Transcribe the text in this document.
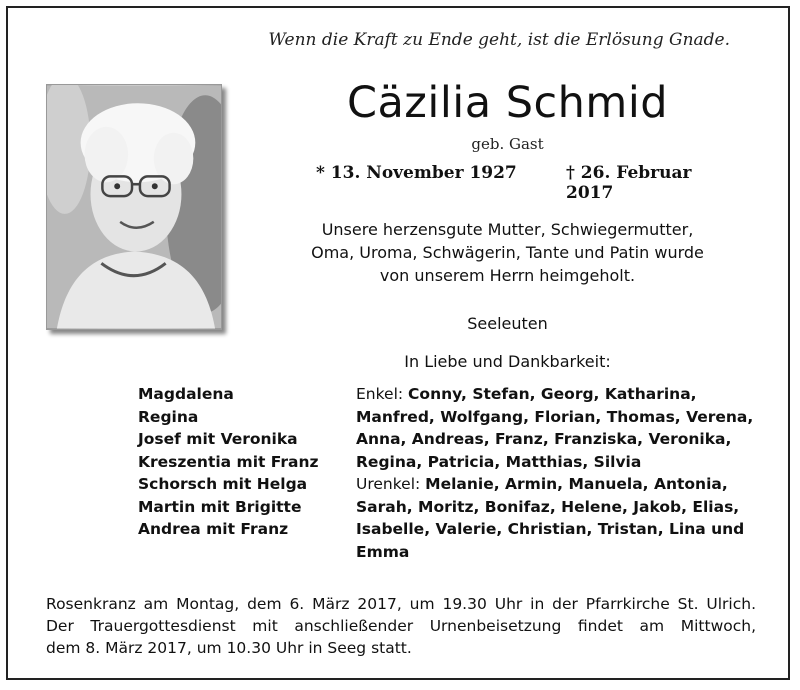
Wenn die Kraft zu Ende geht, ist die Erlösung Gnade.
Cäzilia Schmid
geb. Gast
* 13. November 1927	† 26. Februar 2017
Unsere herzensgute Mutter, Schwiegermutter,
Oma, Uroma, Schwägerin, Tante und Patin wurde
von unserem Herrn heimgeholt.
Seeleuten
In Liebe und Dankbarkeit:
Magdalena
Regina
Josef mit Veronika
Kreszentia mit Franz
Schorsch mit Helga
Martin mit Brigitte
Andrea mit Franz
Enkel: Conny, Stefan, Georg, Katharina,
Manfred, Wolfgang, Florian, Thomas, Verena,
Anna, Andreas, Franz, Franziska, Veronika,
Regina, Patricia, Matthias, Silvia
Urenkel: Melanie, Armin, Manuela, Antonia,
Sarah, Moritz, Bonifaz, Helene, Jakob, Elias,
Isabelle, Valerie, Christian, Tristan, Lina und
Emma
Rosenkranz am Montag, dem 6. März 2017, um 19.30 Uhr in der Pfarrkirche St. Ulrich.
Der Trauergottesdienst mit anschließender Urnenbeisetzung findet am Mittwoch,
dem 8. März 2017, um 10.30 Uhr in Seeg statt.
